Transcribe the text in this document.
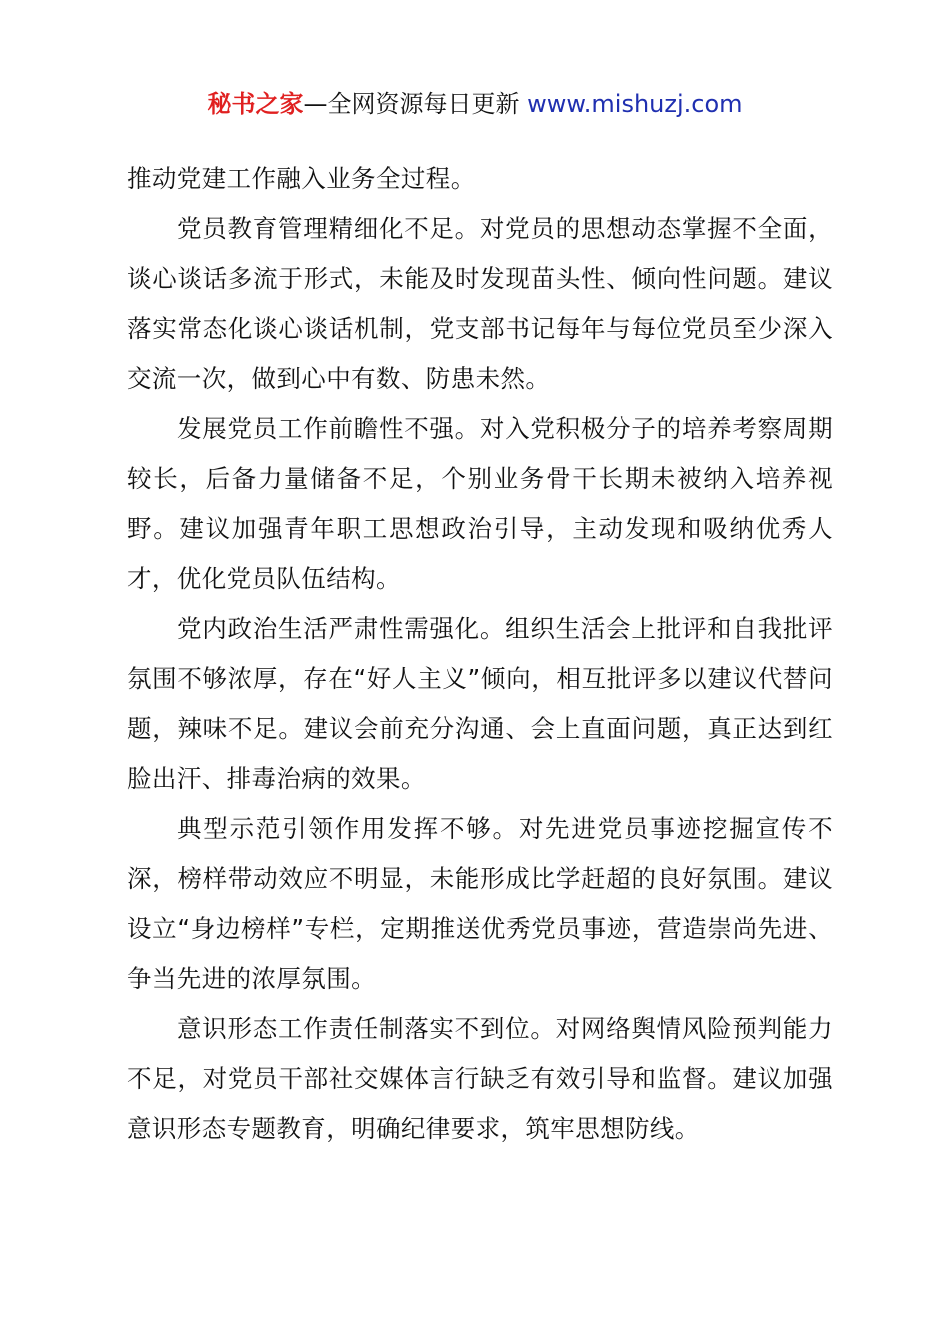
秘书之家—全网资源每日更新 www.mishuzj.com

推动党建工作融入业务全过程。

党员教育管理精细化不足。对党员的思想动态掌握不全面，谈心谈话多流于形式，未能及时发现苗头性、倾向性问题。建议落实常态化谈心谈话机制，党支部书记每年与每位党员至少深入交流一次，做到心中有数、防患未然。

发展党员工作前瞻性不强。对入党积极分子的培养考察周期较长，后备力量储备不足，个别业务骨干长期未被纳入培养视野。建议加强青年职工思想政治引导，主动发现和吸纳优秀人才，优化党员队伍结构。

党内政治生活严肃性需强化。组织生活会上批评和自我批评氛围不够浓厚，存在“好人主义”倾向，相互批评多以建议代替问题，辣味不足。建议会前充分沟通、会上直面问题，真正达到红脸出汗、排毒治病的效果。

典型示范引领作用发挥不够。对先进党员事迹挖掘宣传不深，榜样带动效应不明显，未能形成比学赶超的良好氛围。建议设立“身边榜样”专栏，定期推送优秀党员事迹，营造崇尚先进、争当先进的浓厚氛围。

意识形态工作责任制落实不到位。对网络舆情风险预判能力不足，对党员干部社交媒体言行缺乏有效引导和监督。建议加强意识形态专题教育，明确纪律要求，筑牢思想防线。
